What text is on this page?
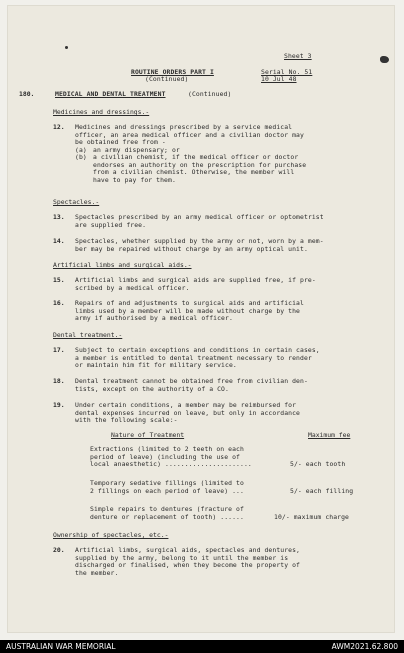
Sheet 3
ROUTINE ORDERS PART I	Serial No. 51
(Continued)	10 Jul 48
180.	MEDICAL AND DENTAL TREATMENT	(Continued)
Medicines and dressings.-
12. Medicines and dressings prescribed by a service medical
officer, an area medical officer and a civilian doctor may
be obtained free from -
(a) an army dispensary; or
(b) a civilian chemist, if the medical officer or doctor
endorses an authority on the prescription for purchase
from a civilian chemist. Otherwise, the member will
have to pay for them.
Spectacles.-
13. Spectacles prescribed by an army medical officer or optometrist
are supplied free.
14. Spectacles, whether supplied by the army or not, worn by a mem-
ber may be repaired without charge by an army optical unit.
Artificial limbs and surgical aids.-
15. Artificial limbs and surgical aids are supplied free, if pre-
scribed by a medical officer.
16. Repairs of and adjustments to surgical aids and artificial
limbs used by a member will be made without charge by the
army if authorised by a medical officer.
Dental treatment.-
17. Subject to certain exceptions and conditions in certain cases,
a member is entitled to dental treatment necessary to render
or maintain him fit for military service.
18. Dental treatment cannot be obtained free from civilian den-
tists, except on the authority of a CO.
19. Under certain conditions, a member may be reimbursed for
dental expenses incurred on leave, but only in accordance
with the following scale:-
Nature of Treatment	Maximum fee
Extractions (limited to 2 teeth on each
period of leave) (including the use of
local anaesthetic) ......................	5/- each tooth
Temporary sedative fillings (limited to
2 fillings on each period of leave) ...	5/- each filling
Simple repairs to dentures (fracture of
denture or replacement of tooth) ......	10/- maximum charge
Ownership of spectacles, etc.-
20. Artificial limbs, surgical aids, spectacles and dentures,
supplied by the army, belong to it until the member is
discharged or finalised, when they become the property of
the member.
AUSTRALIAN WAR MEMORIAL	AWM2021.62.800
